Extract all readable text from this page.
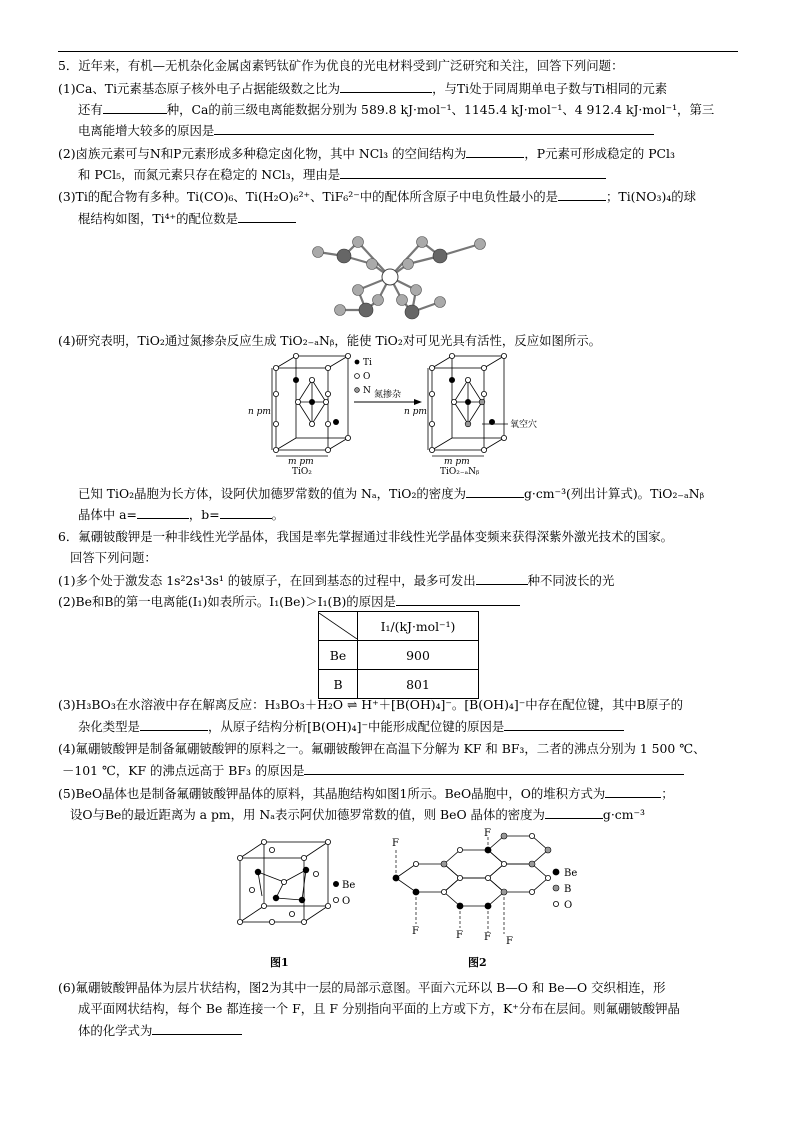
5．近年来，有机—无机杂化金属卤素钙钛矿作为优良的光电材料受到广泛研究和关注，回答下列问题：
(1)Ca、Ti元素基态原子核外电子占据能级数之比为	，与Ti处于同周期单电子数与Ti相同的元素
还有	种，Ca的前三级电离能数据分别为 589.8 kJ·mol⁻¹、1145.4 kJ·mol⁻¹、4 912.4 kJ·mol⁻¹，第三
电离能增大较多的原因是
(2)卤族元素可与N和P元素形成多种稳定卤化物，其中 NCl₃ 的空间结构为	，P元素可形成稳定的 PCl₃
和 PCl₅，而氮元素只存在稳定的 NCl₃，理由是
(3)Ti的配合物有多种。Ti(CO)₆、Ti(H₂O)₆²⁺、TiF₆²⁻中的配体所含原子中电负性最小的是	；Ti(NO₃)₄的球
棍结构如图，Ti⁴⁺的配位数是
(4)研究表明，TiO₂通过氮掺杂反应生成 TiO₂₋ₐNᵦ，能使 TiO₂对可见光具有活性，反应如图所示。
Ti
O
N 氮掺杂
n pm	n pm
m pm	m pm
氧空穴
TiO₂	TiO₂₋ₐNᵦ
已知 TiO₂晶胞为长方体，设阿伏加德罗常数的值为 Nₐ，TiO₂的密度为	g·cm⁻³(列出计算式)。TiO₂₋ₐNᵦ
晶体中 a=	，b=	。
6．氟硼铍酸钾是一种非线性光学晶体，我国是率先掌握通过非线性光学晶体变频来获得深紫外激光技术的国家。
回答下列问题：
(1)多个处于激发态 1s²2s¹3s¹ 的铍原子，在回到基态的过程中，最多可发出	种不同波长的光
(2)Be和B的第一电离能(I₁)如表所示。I₁(Be)＞I₁(B)的原因是
	I₁/(kJ·mol⁻¹)
Be	900
B	801
(3)H₃BO₃在水溶液中存在解离反应：H₃BO₃＋H₂O ⇌ H⁺＋[B(OH)₄]⁻。[B(OH)₄]⁻中存在配位键，其中B原子的
杂化类型是	，从原子结构分析[B(OH)₄]⁻中能形成配位键的原因是
(4)氟硼铍酸钾是制备氟硼铍酸钾的原料之一。氟硼铍酸钾在高温下分解为 KF 和 BF₃，二者的沸点分别为 1 500 ℃、
－101 ℃，KF 的沸点远高于 BF₃ 的原因是
(5)BeO晶体也是制备氟硼铍酸钾晶体的原料，其晶胞结构如图1所示。BeO晶胞中，O的堆积方式为	；
设O与Be的最近距离为 a pm，用 Nₐ表示阿伏加德罗常数的值，则 BeO 晶体的密度为	g·cm⁻³
Be
O
图1
F
F
F	F F F
Be
B
O
图2
(6)氟硼铍酸钾晶体为层片状结构，图2为其中一层的局部示意图。平面六元环以 B—O 和 Be—O 交织相连，形
成平面网状结构，每个 Be 都连接一个 F，且 F 分别指向平面的上方或下方，K⁺分布在层间。则氟硼铍酸钾晶
体的化学式为
